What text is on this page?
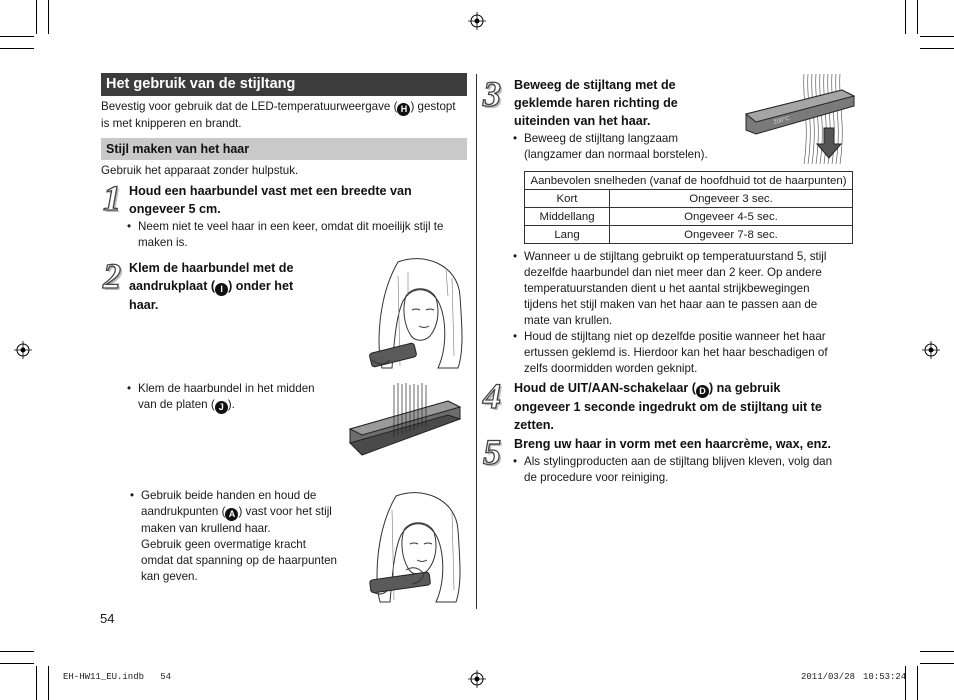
Het gebruik van de stijltang
Bevestig voor gebruik dat de LED-temperatuurweergave ( H ) gestopt
is met knipperen en brandt.
Stijl maken van het haar
Gebruik het apparaat zonder hulpstuk.
1 Houd een haarbundel vast met een breedte van
ongeveer 5 cm.
• Neem niet te veel haar in een keer, omdat dit moeilijk stijl te
maken is.
2 Klem de haarbundel met de
aandrukplaat ( I ) onder het
haar.
• Klem de haarbundel in het midden
van de platen ( J ).
• Gebruik beide handen en houd de
aandrukpunten ( A ) vast voor het stijl
maken van krullend haar.
Gebruik geen overmatige kracht
omdat dat spanning op de haarpunten
kan geven.
54
3 Beweeg de stijltang met de
geklemde haren richting de
uiteinden van het haar.
• Beweeg de stijltang langzaam
(langzamer dan normaal borstelen).
200°C
Aanbevolen snelheden (vanaf de hoofdhuid tot de haarpunten)	
Kort	Ongeveer 3 sec.
Middellang	Ongeveer 4-5 sec.
Lang	Ongeveer 7-8 sec.
• Wanneer u de stijltang gebruikt op temperatuurstand 5, stijl
dezelfde haarbundel dan niet meer dan 2 keer. Op andere
temperatuurstanden dient u het aantal strijkbewegingen
tijdens het stijl maken van het haar aan te passen aan de
mate van krullen.
• Houd de stijltang niet op dezelfde positie wanneer het haar
ertussen geklemd is. Hierdoor kan het haar beschadigen of
zelfs doormidden worden geknipt.
4 Houd de UIT/AAN-schakelaar ( D ) na gebruik
ongeveer 1 seconde ingedrukt om de stijltang uit te
zetten.
5 Breng uw haar in vorm met een haarcrème, wax, enz.
• Als stylingproducten aan de stijltang blijven kleven, volg dan
de procedure voor reiniging.
EH-HW11_EU.indb   54	2011/03/28 10:53:24
